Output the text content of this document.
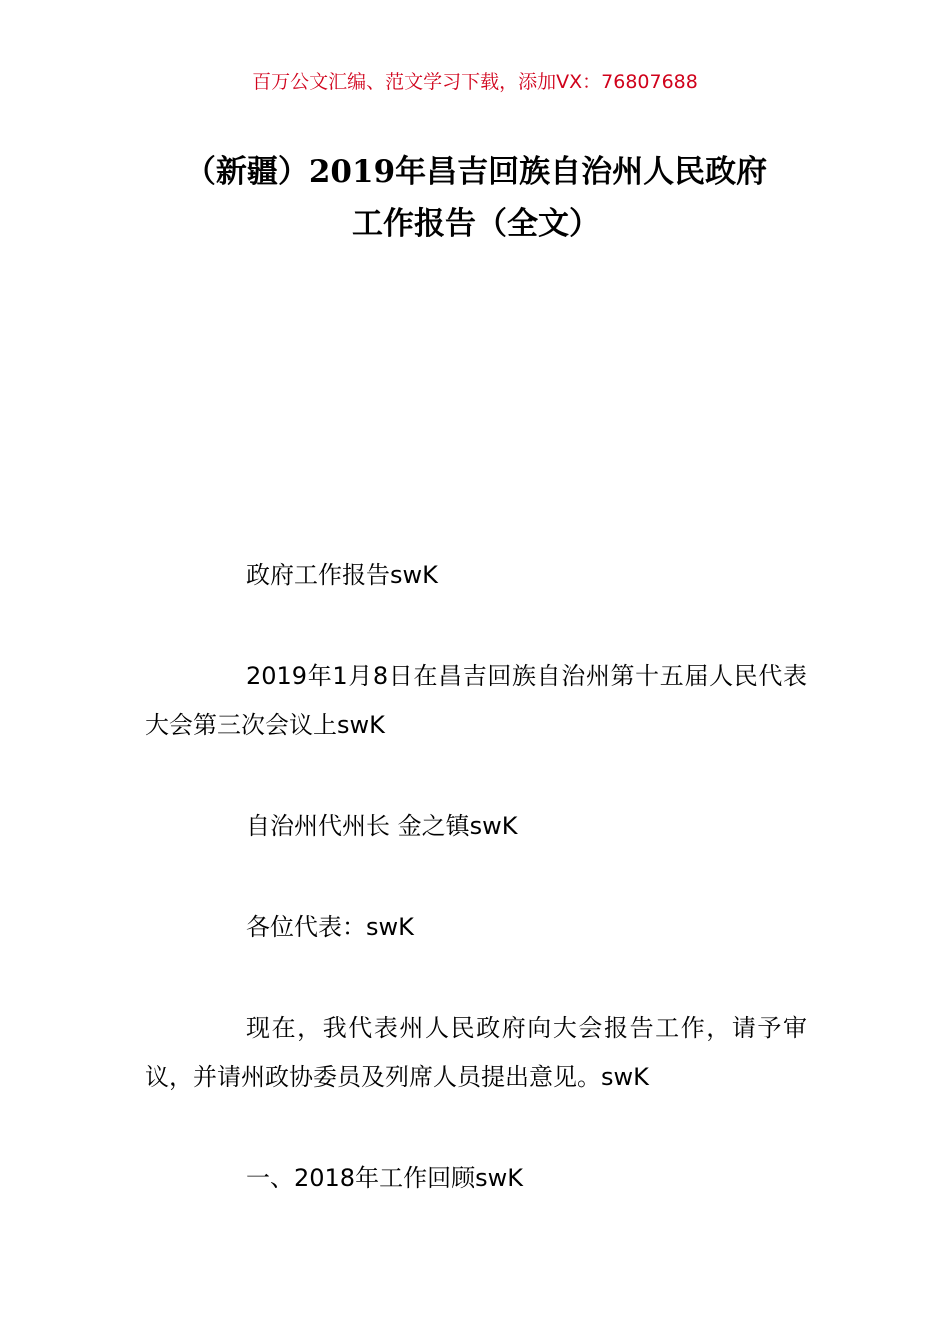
百万公文汇编、范文学习下载，添加VX：76807688
（新疆）2019年昌吉回族自治州人民政府
工作报告（全文）

政府工作报告swK

2019年1月8日在昌吉回族自治州第十五届人民代表大会第三次会议上swK

自治州代州长 金之镇swK

各位代表：swK

现在，我代表州人民政府向大会报告工作，请予审议，并请州政协委员及列席人员提出意见。swK

一、2018年工作回顾swK
